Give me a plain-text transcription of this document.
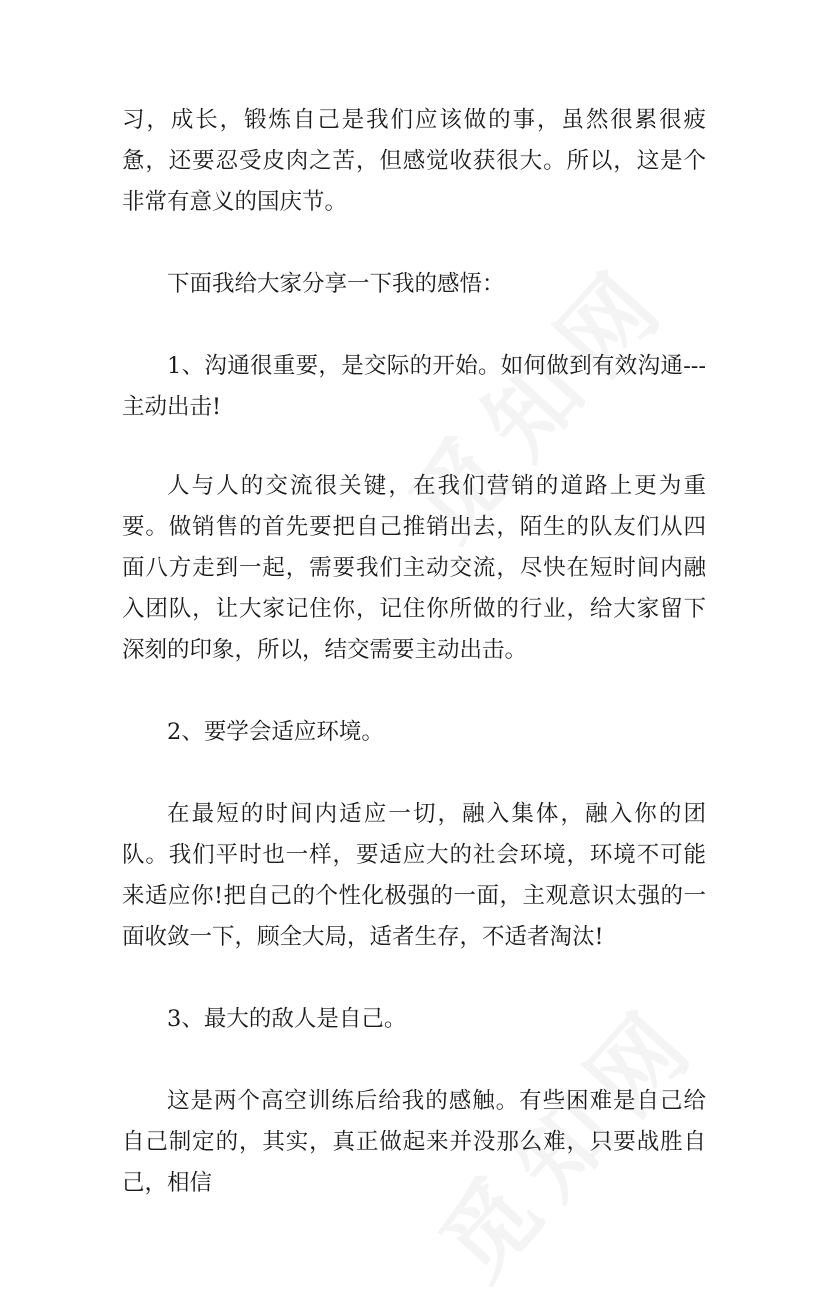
习，成长，锻炼自己是我们应该做的事，虽然很累很疲惫，还要忍受皮肉之苦，但感觉收获很大。所以，这是个非常有意义的国庆节。

下面我给大家分享一下我的感悟：

1、沟通很重要，是交际的开始。如何做到有效沟通---主动出击!

人与人的交流很关键，在我们营销的道路上更为重要。做销售的首先要把自己推销出去，陌生的队友们从四面八方走到一起，需要我们主动交流，尽快在短时间内融入团队，让大家记住你，记住你所做的行业，给大家留下深刻的印象，所以，结交需要主动出击。

2、要学会适应环境。

在最短的时间内适应一切，融入集体，融入你的团队。我们平时也一样，要适应大的社会环境，环境不可能来适应你!把自己的个性化极强的一面，主观意识太强的一面收敛一下，顾全大局，适者生存，不适者淘汰!

3、最大的敌人是自己。

这是两个高空训练后给我的感触。有些困难是自己给自己制定的，其实，真正做起来并没那么难，只要战胜自己，相信
